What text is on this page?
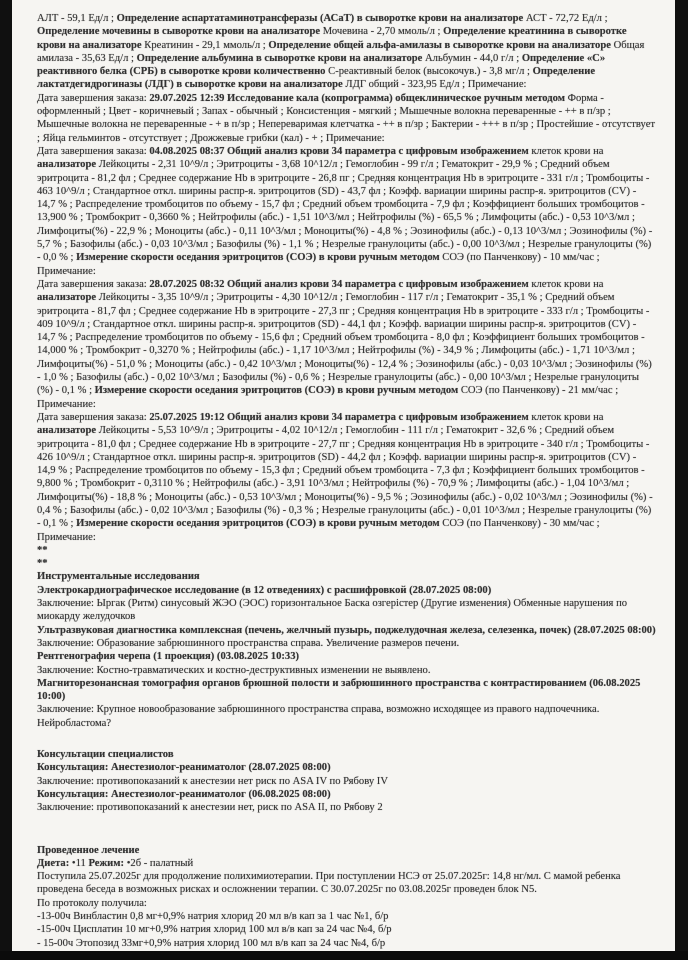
АЛТ - 59,1 Ед/л ; Определение аспартатаминотрансферазы (АСаТ) в сыворотке крови на анализаторе АСТ - 72,72 Ед/л ; Определение мочевины в сыворотке крови на анализаторе Мочевина - 2,70 ммоль/л ; Определение креатинина в сыворотке крови на анализаторе Креатинин - 29,1 ммоль/л ; Определение общей альфа-амилазы в сыворотке крови на анализаторе Общая амилаза - 35,63 Ед/л ; Определение альбумина в сыворотке крови на анализаторе Альбумин - 44,0 г/л ; Определение «С» реактивного белка (СРБ) в сыворотке крови количественно С-реактивный белок (высокочув.) - 3,8 мг/л ; Определение лактатдегидрогиназы (ЛДГ) в сыворотке крови на анализаторе ЛДГ общий - 323,95 Ед/л ; Примечание:

Дата завершения заказа: 29.07.2025 12:39 Исследование кала (копрограмма) общеклиническое ручным методом Форма - оформленный ; Цвет - коричневый ; Запах - обычный ; Консистенция - мягкий ; Мышечные волокна переваренные - ++ в п/зр ; Мышечные волокна не переваренные - + в п/зр ; Непереваримая клетчатка - ++ в п/зр ; Бактерии - +++ в п/зр ; Простейшие - отсутствует ; Яйца гельминтов - отсутствует ; Дрожжевые грибки (кал) - + ; Примечание:

Дата завершения заказа: 04.08.2025 08:37 Общий анализ крови 34 параметра с цифровым изображением клеток крови на анализаторе Лейкоциты - 2,31 10^9/л ; Эритроциты - 3,68 10^12/л ; Гемоглобин - 99 г/л ; Гематокрит - 29,9 % ; Средний объем эритроцита - 81,2 фл ; Среднее содержание Hb в эритроците - 26,8 пг ; Средняя концентрация Hb в эритроците - 331 г/л ; Тромбоциты - 463 10^9/л ; Стандартное откл. ширины распр-я. эритроцитов (SD) - 43,7 фл ; Коэфф. вариации ширины распр-я. эритроцитов (CV) - 14,7 % ; Распределение тромбоцитов по объему - 15,7 фл ; Средний объем тромбоцита - 7,9 фл ; Коэффициент больших тромбоцитов - 13,900 % ; Тромбокрит - 0,3660 % ; Нейтрофилы (абс.) - 1,51 10^3/мл ; Нейтрофилы (%) - 65,5 % ; Лимфоциты (абс.) - 0,53 10^3/мл ; Лимфоциты(%) - 22,9 % ; Моноциты (абс.) - 0,11 10^3/мл ; Моноциты(%) - 4,8 % ; Эозинофилы (абс.) - 0,13 10^3/мл ; Эозинофилы (%) - 5,7 % ; Базофилы (абс.) - 0,03 10^3/мл ; Базофилы (%) - 1,1 % ; Незрелые гранулоциты (абс.) - 0,00 10^3/мл ; Незрелые гранулоциты (%) - 0,0 % ; Измерение скорости оседания эритроцитов (СОЭ) в крови ручным методом СОЭ (по Панченкову) - 10 мм/час ; Примечание:

Дата завершения заказа: 28.07.2025 08:32 Общий анализ крови 34 параметра с цифровым изображением клеток крови на анализаторе Лейкоциты - 3,35 10^9/л ; Эритроциты - 4,30 10^12/л ; Гемоглобин - 117 г/л ; Гематокрит - 35,1 % ; Средний объем эритроцита - 81,7 фл ; Среднее содержание Hb в эритроците - 27,3 пг ; Средняя концентрация Hb в эритроците - 333 г/л ; Тромбоциты - 409 10^9/л ; Стандартное откл. ширины распр-я. эритроцитов (SD) - 44,1 фл ; Коэфф. вариации ширины распр-я. эритроцитов (CV) - 14,7 % ; Распределение тромбоцитов по объему - 15,6 фл ; Средний объем тромбоцита - 8,0 фл ; Коэффициент больших тромбоцитов - 14,000 % ; Тромбокрит - 0,3270 % ; Нейтрофилы (абс.) - 1,17 10^3/мл ; Нейтрофилы (%) - 34,9 % ; Лимфоциты (абс.) - 1,71 10^3/мл ; Лимфоциты(%) - 51,0 % ; Моноциты (абс.) - 0,42 10^3/мл ; Моноциты(%) - 12,4 % ; Эозинофилы (абс.) - 0,03 10^3/мл ; Эозинофилы (%) - 1,0 % ; Базофилы (абс.) - 0,02 10^3/мл ; Базофилы (%) - 0,6 % ; Незрелые гранулоциты (абс.) - 0,00 10^3/мл ; Незрелые гранулоциты (%) - 0,1 % ; Измерение скорости оседания эритроцитов (СОЭ) в крови ручным методом СОЭ (по Панченкову) - 21 мм/час ; Примечание:

Дата завершения заказа: 25.07.2025 19:12 Общий анализ крови 34 параметра с цифровым изображением клеток крови на анализаторе Лейкоциты - 5,53 10^9/л ; Эритроциты - 4,02 10^12/л ; Гемоглобин - 111 г/л ; Гематокрит - 32,6 % ; Средний объем эритроцита - 81,0 фл ; Среднее содержание Hb в эритроците - 27,7 пг ; Средняя концентрация Hb в эритроците - 340 г/л ; Тромбоциты - 426 10^9/л ; Стандартное откл. ширины распр-я. эритроцитов (SD) - 44,2 фл ; Коэфф. вариации ширины распр-я. эритроцитов (CV) - 14,9 % ; Распределение тромбоцитов по объему - 15,3 фл ; Средний объем тромбоцита - 7,3 фл ; Коэффициент больших тромбоцитов - 9,800 % ; Тромбокрит - 0,3110 % ; Нейтрофилы (абс.) - 3,91 10^3/мл ; Нейтрофилы (%) - 70,9 % ; Лимфоциты (абс.) - 1,04 10^3/мл ; Лимфоциты(%) - 18,8 % ; Моноциты (абс.) - 0,53 10^3/мл ; Моноциты(%) - 9,5 % ; Эозинофилы (абс.) - 0,02 10^3/мл ; Эозинофилы (%) - 0,4 % ; Базофилы (абс.) - 0,02 10^3/мл ; Базофилы (%) - 0,3 % ; Незрелые гранулоциты (абс.) - 0,01 10^3/мл ; Незрелые гранулоциты (%) - 0,1 % ; Измерение скорости оседания эритроцитов (СОЭ) в крови ручным методом СОЭ (по Панченкову) - 30 мм/час ; Примечание:

**

**

Инструментальные исследования

Электрокардиографическое исследование (в 12 отведениях) с расшифровкой (28.07.2025 08:00)

Заключение: Ыргак (Ритм) синусовый ЖЭО (ЭОС) горизонтальное Баска озгерістер (Другие изменения) Обменные нарушения по миокарду желудочков

Ультразвуковая диагностика комплексная (печень, желчный пузырь, поджелудочная железа, селезенка, почек) (28.07.2025 08:00)

Заключение: Образование забрюшинного пространства справа. Увеличение размеров печени.

Рентгенография черепа (1 проекция) (03.08.2025 10:33)

Заключение: Костно-травматических и костно-деструктивных изменении не выявлено.

Магниторезонансная томография органов брюшной полости и забрюшинного пространства с контрастированием (06.08.2025 10:00)

Заключение: Крупное новообразование забрюшинного пространства справа, возможно исходящее из правого надпочечника. Нейробластома?

Консультации специалистов

Консультация: Анестезиолог-реаниматолог (28.07.2025 08:00)

Заключение: противопоказаний к анестезии нет риск по ASA IV по Рябову IV

Консультация: Анестезиолог-реаниматолог (06.08.2025 08:00)

Заключение: противопоказаний к анестезии нет, риск по ASA II, по Рябову 2

Проведенное лечение

Диета: •11 Режим: •2б - палатный

Поступила 25.07.2025г для продолжение полихимиотерапии. При поступлении НСЭ от 25.07.2025г: 14,8 нг/мл. С мамой ребенка проведена беседа в возможных рисках и осложнении терапии. С 30.07.2025г по 03.08.2025г проведен блок N5.

По протоколу получила:

-13-00ч Винбластин 0,8 мг+0,9% натрия хлорид 20 мл в/в кап за 1 час №1, б/р

-15-00ч Цисплатин 10 мг+0,9% натрия хлорид 100 мл в/в кап за 24 час №4, б/р

- 15-00ч Этопозид 33мг+0,9% натрия хлорид 100 мл в/в кап за 24 час №4, б/р
